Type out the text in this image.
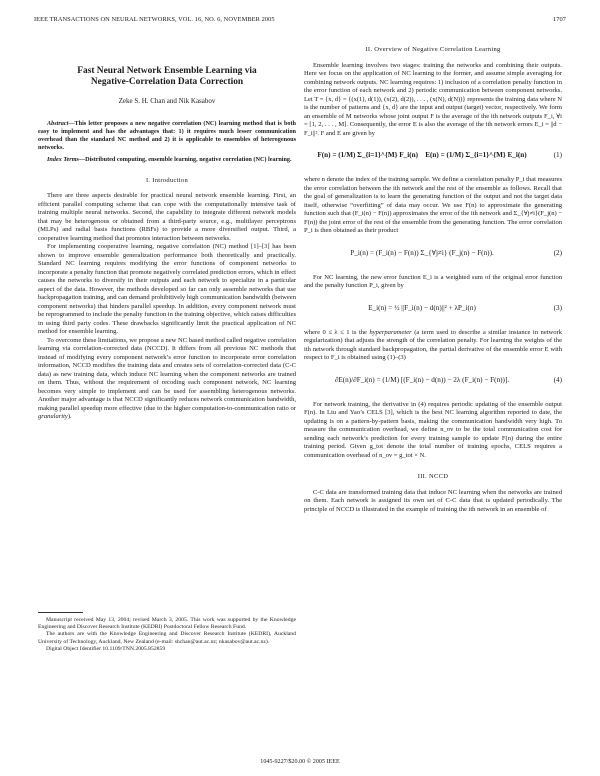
IEEE TRANSACTIONS ON NEURAL NETWORKS, VOL. 16, NO. 6, NOVEMBER 2005	1707
Fast Neural Network Ensemble Learning via
Negative-Correlation Data Correction
Zeke S. H. Chan and Nik Kasabov

Abstract—This letter proposes a new negative correlation (NC) learning method that is both easy to implement and has the advantages that: 1) it requires much lesser communication overhead than the standard NC method and 2) it is applicable to ensembles of heterogenous networks.

Index Terms—Distributed computing, ensemble learning, negative correlation (NC) learning.

I. Introduction

There are three aspects desirable for practical neural network ensemble learning. First, an efficient parallel computing scheme that can cope with the computationally intensive task of training multiple neural networks. Second, the capability to integrate different network models that may be heterogenous or obtained from a third-party source, e.g., multilayer perceptrons (MLPs) and radial basis functions (RBFs) to provide a more diversified output. Third, a cooperative learning method that promotes interaction between networks.

For implementing cooperative learning, negative correlation (NC) method [1]–[3] has been shown to improve ensemble generalization performance both theoretically and practically. Standard NC learning requires modifying the error functions of component networks to incorporate a penalty function that promote negatively correlated prediction errors, which in effect causes the networks to diversify in their outputs and each network to specialize in a particular aspect of the data. However, the methods developed so far can only assemble networks that use backpropagation training, and can demand prohibitively high communication bandwidth (between component networks) that hinders parallel speedup. In addition, every component network must be reprogrammed to include the penalty function in the training objective, which raises difficulties in using third party codes. These drawbacks significantly limit the practical application of NC method for ensemble learning.

To overcome these limitations, we propose a new NC based method called negative correlation learning via correlation-corrected data (NCCD). It differs from all previous NC methods that instead of modifying every component network’s error function to incorporate error correlation information, NCCD modifies the training data and creates sets of correlation-corrected data (C-C data) as new training data, which induce NC learning when the component networks are trained on them. Thus, without the requirement of recoding each component network, NC learning becomes very simple to implement and can be used for assembling heterogenous networks. Another major advantage is that NCCD significantly reduces network communication bandwidth, making parallel speedup more effective (due to the higher computation-to-communication ratio or granularity).

Manuscript received May 13, 2004; revised March 3, 2005. This work was supported by the Knowledge Engineering and Discover Research Institute (KEDRI) Postdoctoral Fellow Research Fund.

The authors are with the Knowledge Engineering and Discover Research Institute (KEDRI), Auckland University of Technology, Auckland, New Zealand (e-mail: shchan@aut.ac.nz; nkasabov@aut.ac.nz).

Digital Object Identifier 10.1109/TNN.2005.852859

II. Overview of Negative Correlation Learning

Ensemble learning involves two stages: training the networks and combining their outputs. Here we focus on the application of NC learning to the former, and assume simple averaging for combining network outputs. NC learning requires: 1) inclusion of a correlation penalty function in the error function of each network and 2) periodic communication between component networks. Let T = {x, d} = {(x(1), d(1)), (x(2), d(2)), . . . , (x(N), d(N))} represents the training data where N is the number of patterns and {x, d} are the input and output (target) vector, respectively. We form an ensemble of M networks whose joint output F is the average of the ith network outputs F_i, ∀i = [1, 2, . . . , M]. Consequently, the error E is also the average of the ith network errors E_i = ||d − F_i||². F and E are given by

F(n) = (1/M) Σ_{i=1}^{M} F_i(n) E(n) = (1/M) Σ_{i=1}^{M} E_i(n)	(1)

where n denote the index of the training sample. We define a correlation penalty P_i that measures the error correlation between the ith network and the rest of the ensemble as follows. Recall that the goal of generalization is to learn the generating function of the output and not the target data itself, otherwise “overfitting” of data may occur. We use F(n) to approximate the generating function such that (F_i(n) − F(n)) approximates the error of the ith network and Σ_{∀j≠i}(F_j(n) − F(n)) the joint error of the rest of the ensemble from the generating function. The error correlation P_i is then obtained as their product

P_i(n) = (F_i(n) − F(n)) Σ_{∀j≠i} (F_j(n) − F(n)).	(2)

For NC learning, the new error function E_i is a weighted sum of the original error function and the penalty function P_i, given by

E_i(n) = ½ ||F_i(n) − d(n)||² + λP_i(n)	(3)

where 0 ≤ λ ≤ 1 is the hyperparameter (a term used to describe a similar instance in network regularization) that adjusts the strength of the correlation penalty. For learning the weights of the ith network through standard backpropagation, the partial derivative of the ensemble error E with respect to F_i is obtained using (1)–(3)

∂E(n)/∂F_i(n) = (1/M) [(F_i(n) − d(n)) − 2λ (F_i(n) − F(n))].	(4)

For network training, the derivative in (4) requires periodic updating of the ensemble output F(n). In Liu and Yao’s CELS [3], which is the best NC learning algorithm reported to date, the updating is on a pattern-by-pattern basis, making the communication bandwidth very high. To measure the communication overhead, we define n_ov to be the total communication cost for sending each network’s prediction for every training sample to update F(n) during the entire training period. Given g_tot denote the total number of training epochs, CELS requires a communication overhead of n_ov = g_tot × N.

III. NCCD

C-C data are transformed training data that induce NC learning when the networks are trained on them. Each network is assigned its own set of C-C data that is updated periodically. The principle of NCCD is illustrated in the example of training the ith network in an ensemble of

1045-9227/$20.00 © 2005 IEEE
